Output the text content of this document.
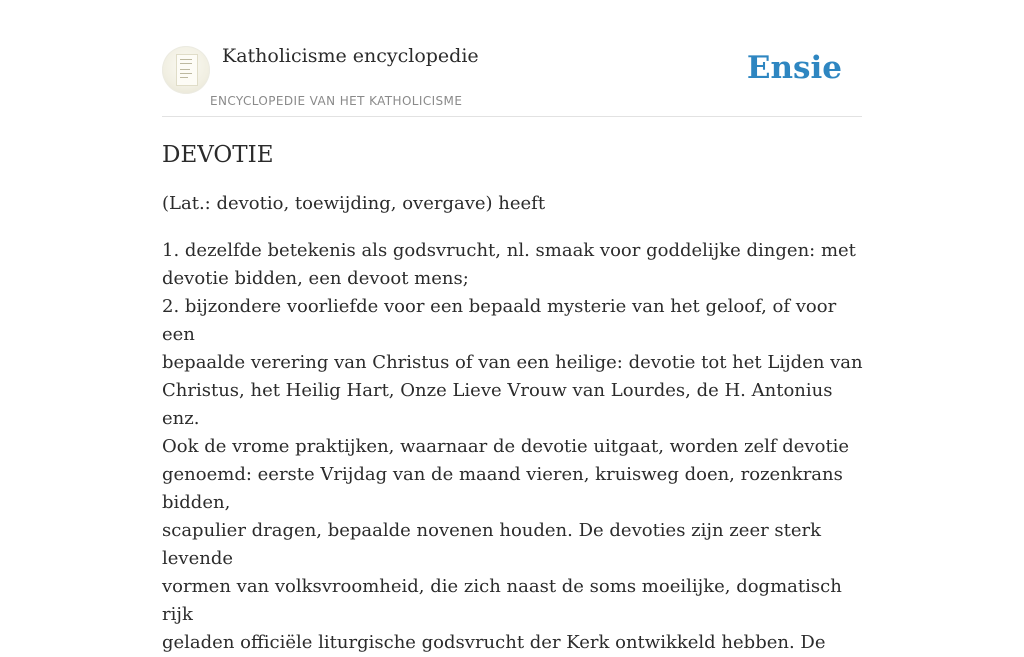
Katholicisme encyclopedie
ENCYCLOPEDIE VAN HET KATHOLICISME
Ensie
DEVOTIE

(Lat.: devotio, toewijding, overgave) heeft

1. dezelfde betekenis als godsvrucht, nl. smaak voor goddelijke dingen: met
devotie bidden, een devoot mens;
2. bijzondere voorliefde voor een bepaald mysterie van het geloof, of voor een
bepaalde verering van Christus of van een heilige: devotie tot het Lijden van
Christus, het Heilig Hart, Onze Lieve Vrouw van Lourdes, de H. Antonius enz.
Ook de vrome praktijken, waarnaar de devotie uitgaat, worden zelf devotie
genoemd: eerste Vrijdag van de maand vieren, kruisweg doen, rozenkrans bidden,
scapulier dragen, bepaalde novenen houden. De devoties zijn zeer sterk levende
vormen van volksvroomheid, die zich naast de soms moeilijke, dogmatisch rijk
geladen officiële liturgische godsvrucht der Kerk ontwikkeld hebben. De
